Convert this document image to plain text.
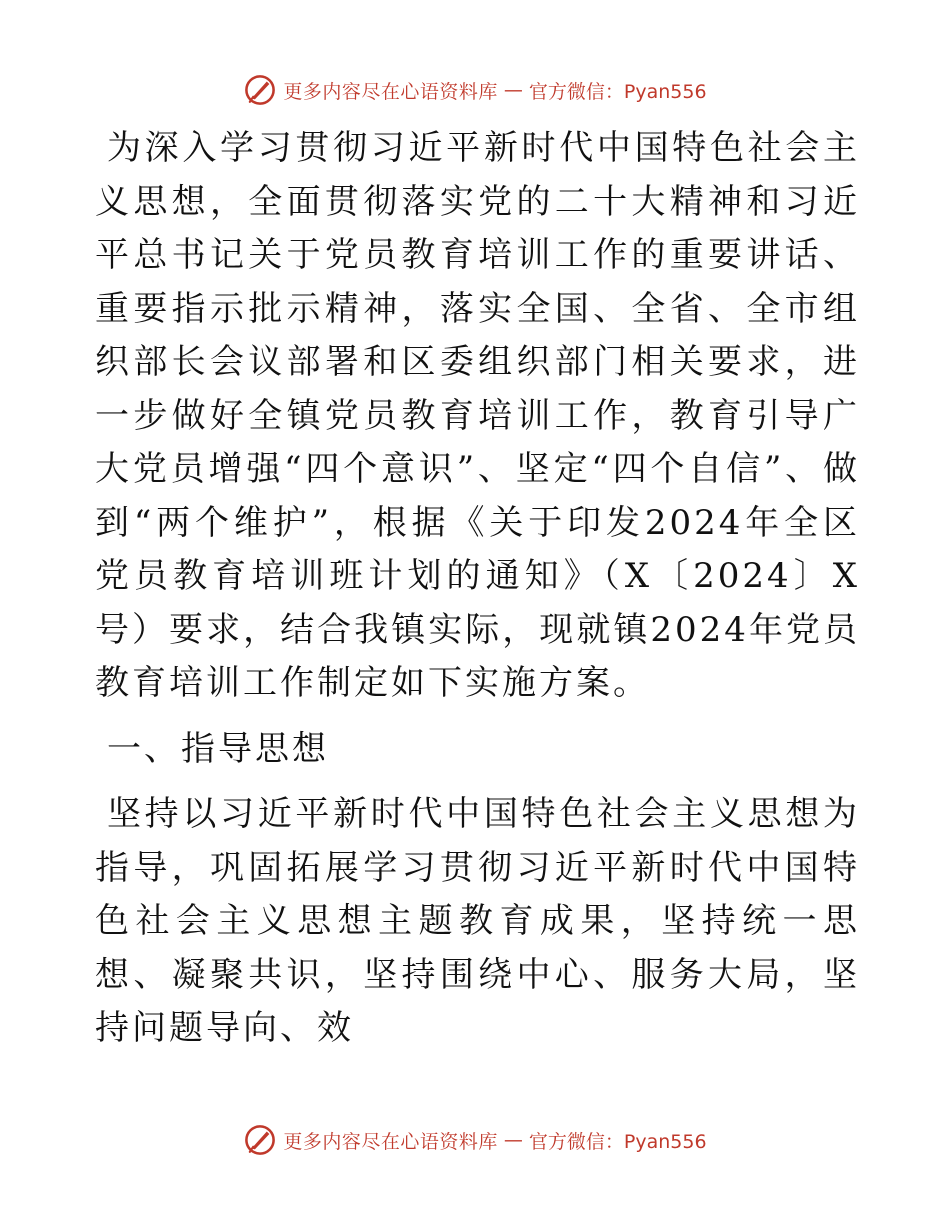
更多内容尽在心语资料库 — 官方微信：Pyan556

为深入学习贯彻习近平新时代中国特色社会主义思想，全面贯彻落实党的二十大精神和习近平总书记关于党员教育培训工作的重要讲话、重要指示批示精神，落实全国、全省、全市组织部长会议部署和区委组织部门相关要求，进一步做好全镇党员教育培训工作，教育引导广大党员增强“四个意识”、坚定“四个自信”、做到“两个维护”，根据《关于印发2024年全区党员教育培训班计划的通知》（X〔2024〕X号）要求，结合我镇实际，现就镇2024年党员教育培训工作制定如下实施方案。

一、指导思想

坚持以习近平新时代中国特色社会主义思想为指导，巩固拓展学习贯彻习近平新时代中国特色社会主义思想主题教育成果，坚持统一思想、凝聚共识，坚持围绕中心、服务大局，坚持问题导向、效

更多内容尽在心语资料库 — 官方微信：Pyan556
